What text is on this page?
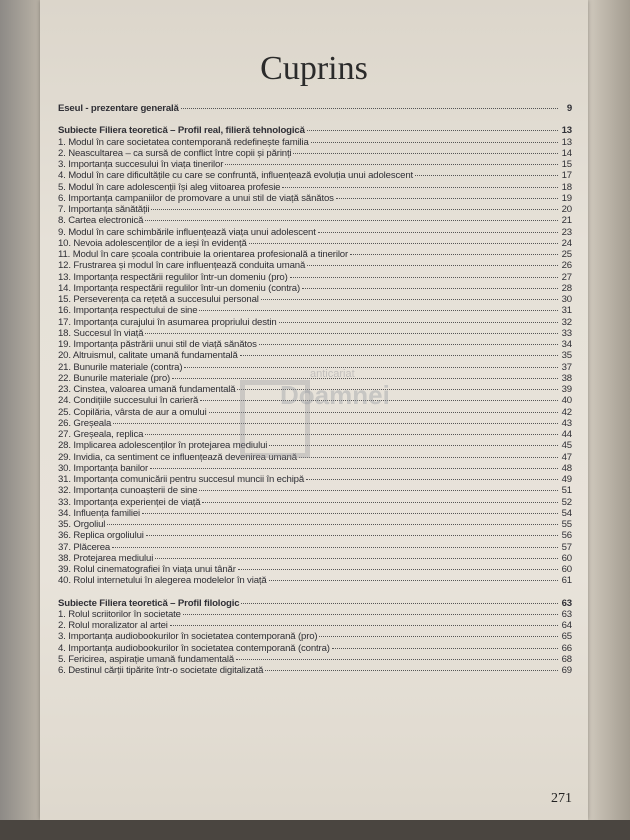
Cuprins
Eseul - prezentare generală	9
Subiecte Filiera teoretică – Profil real, filieră tehnologică	13
1. Modul în care societatea contemporană redefinește familia	13
2. Neascultarea – ca sursă de conflict între copii și părinți	14
3. Importanța succesului în viața tinerilor	15
4. Modul în care dificultățile cu care se confruntă, influențează evoluția unui adolescent	17
5. Modul în care adolescenții își aleg viitoarea profesie	18
6. Importanța campaniilor de promovare a unui stil de viață sănătos	19
7. Importanța sănătății	20
8. Cartea electronică	21
9. Modul în care schimbările influențează viața unui adolescent	23
10. Nevoia adolescenților de a ieși în evidență	24
11. Modul în care școala contribuie la orientarea profesională a tinerilor	25
12. Frustrarea și modul în care influențează conduita umană	26
13. Importanța respectării regulilor într-un domeniu (pro)	27
14. Importanța respectării regulilor într-un domeniu (contra)	28
15. Perseverența ca rețetă a succesului personal	30
16. Importanța respectului de sine	31
17. Importanța curajului în asumarea propriului destin	32
18. Succesul în viață	33
19. Importanța păstrării unui stil de viață sănătos	34
20. Altruismul, calitate umană fundamentală	35
21. Bunurile materiale (contra)	37
22. Bunurile materiale (pro)	38
23. Cinstea, valoarea umană fundamentală	39
24. Condițiile succesului în carieră	40
25. Copilăria, vârsta de aur a omului	42
26. Greșeala	43
27. Greșeala, replica	44
28. Implicarea adolescenților în protejarea mediului	45
29. Invidia, ca sentiment ce influențează devenirea umană	47
30. Importanța banilor	48
31. Importanța comunicării pentru succesul muncii în echipă	49
32. Importanța cunoașterii de sine	51
33. Importanța experienței de viață	52
34. Influența familiei	54
35. Orgoliul	55
36. Replica orgoliului	56
37. Plăcerea	57
38. Protejarea mediului	60
39. Rolul cinematografiei în viața unui tânăr	60
40. Rolul internetului în alegerea modelelor în viață	61
Subiecte Filiera teoretică – Profil filologic	63
1. Rolul scriitorilor în societate	63
2. Rolul moralizator al artei	64
3. Importanța audiobookurilor în societatea contemporană (pro)	65
4. Importanța audiobookurilor în societatea contemporană (contra)	66
5. Fericirea, aspirație umană fundamentală	68
6. Destinul cărții tipărite într-o societate digitalizată	69
anticariat
Doamnei
271
